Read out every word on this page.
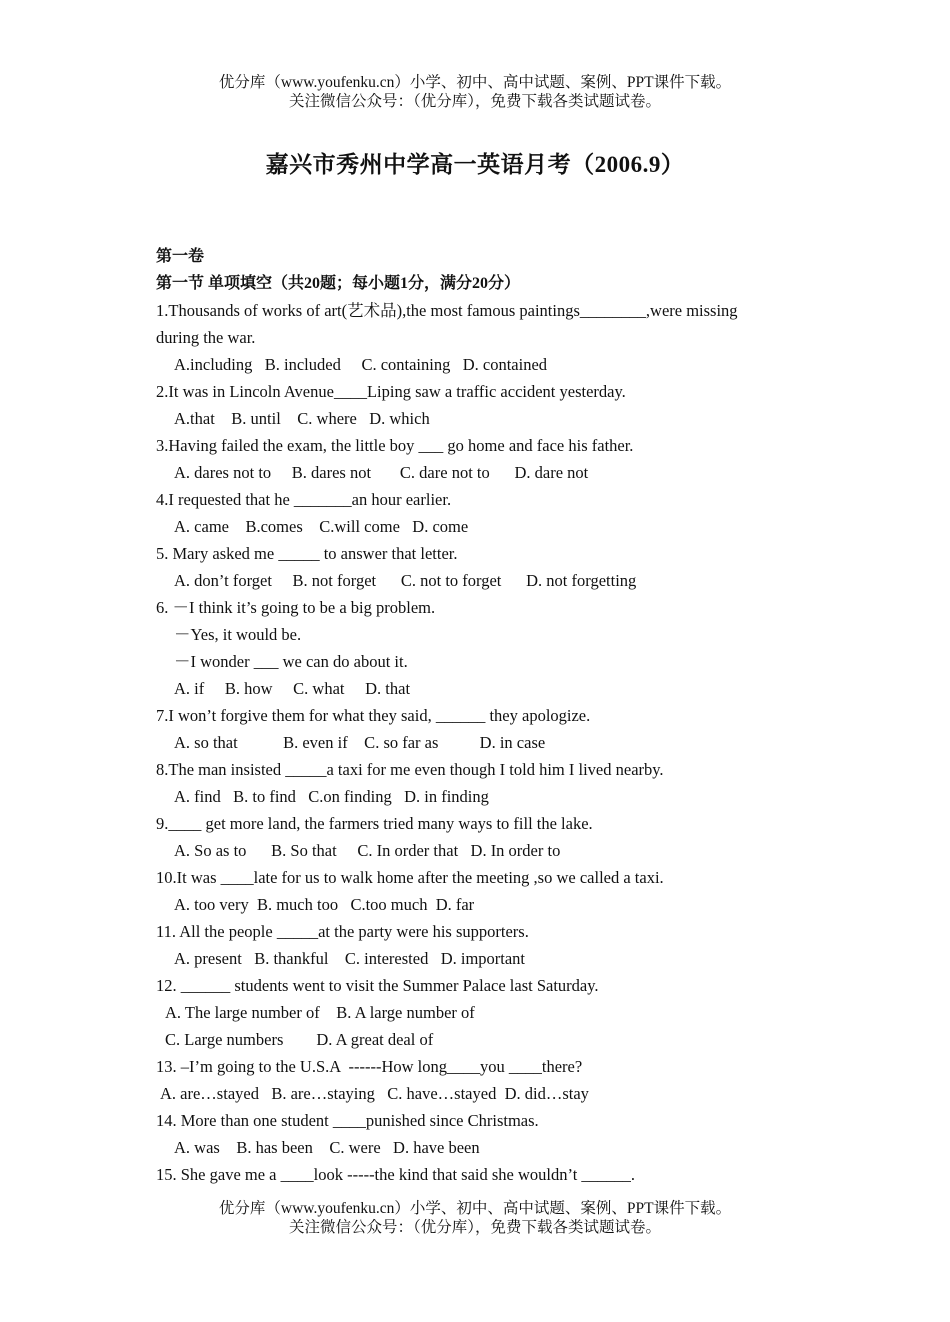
优分库（www.youfenku.cn）小学、初中、高中试题、案例、PPT课件下载。
关注微信公众号：（优分库），免费下载各类试题试卷。
嘉兴市秀州中学高一英语月考（2006.9）
第一卷
第一节 单项填空（共20题；每小题1分，满分20分）
1.Thousands of works of art(艺术品),the most famous paintings________,were missing
during the war.
A.including   B. included     C. containing   D. contained
2.It was in Lincoln Avenue____Liping saw a traffic accident yesterday.
A.that    B. until    C. where   D. which
3.Having failed the exam, the little boy ___ go home and face his father.
A. dares not to     B. dares not       C. dare not to      D. dare not
4.I requested that he _______an hour earlier.
A. came    B.comes    C.will come   D. come
5. Mary asked me _____ to answer that letter.
A. don’t forget     B. not forget      C. not to forget      D. not forgetting
6. －I think it’s going to be a big problem.
－Yes, it would be.
－I wonder ___ we can do about it.
A. if     B. how     C. what     D. that
7.I won’t forgive them for what they said, ______ they apologize.
A. so that           B. even if    C. so far as          D. in case
8.The man insisted _____a taxi for me even though I told him I lived nearby.
A. find   B. to find   C.on finding   D. in finding
9.____ get more land, the farmers tried many ways to fill the lake.
A. So as to      B. So that     C. In order that   D. In order to
10.It was ____late for us to walk home after the meeting ,so we called a taxi.
A. too very  B. much too   C.too much  D. far
11. All the people _____at the party were his supporters.
A. present   B. thankful    C. interested   D. important
12. ______ students went to visit the Summer Palace last Saturday.
A. The large number of    B. A large number of
C. Large numbers        D. A great deal of
13. –I’m going to the U.S.A  ------How long____you ____there?
A. are…stayed   B. are…staying   C. have…stayed  D. did…stay
14. More than one student ____punished since Christmas.
A. was    B. has been    C. were   D. have been
15. She gave me a ____look -----the kind that said she wouldn’t ______.
优分库（www.youfenku.cn）小学、初中、高中试题、案例、PPT课件下载。
关注微信公众号：（优分库），免费下载各类试题试卷。
